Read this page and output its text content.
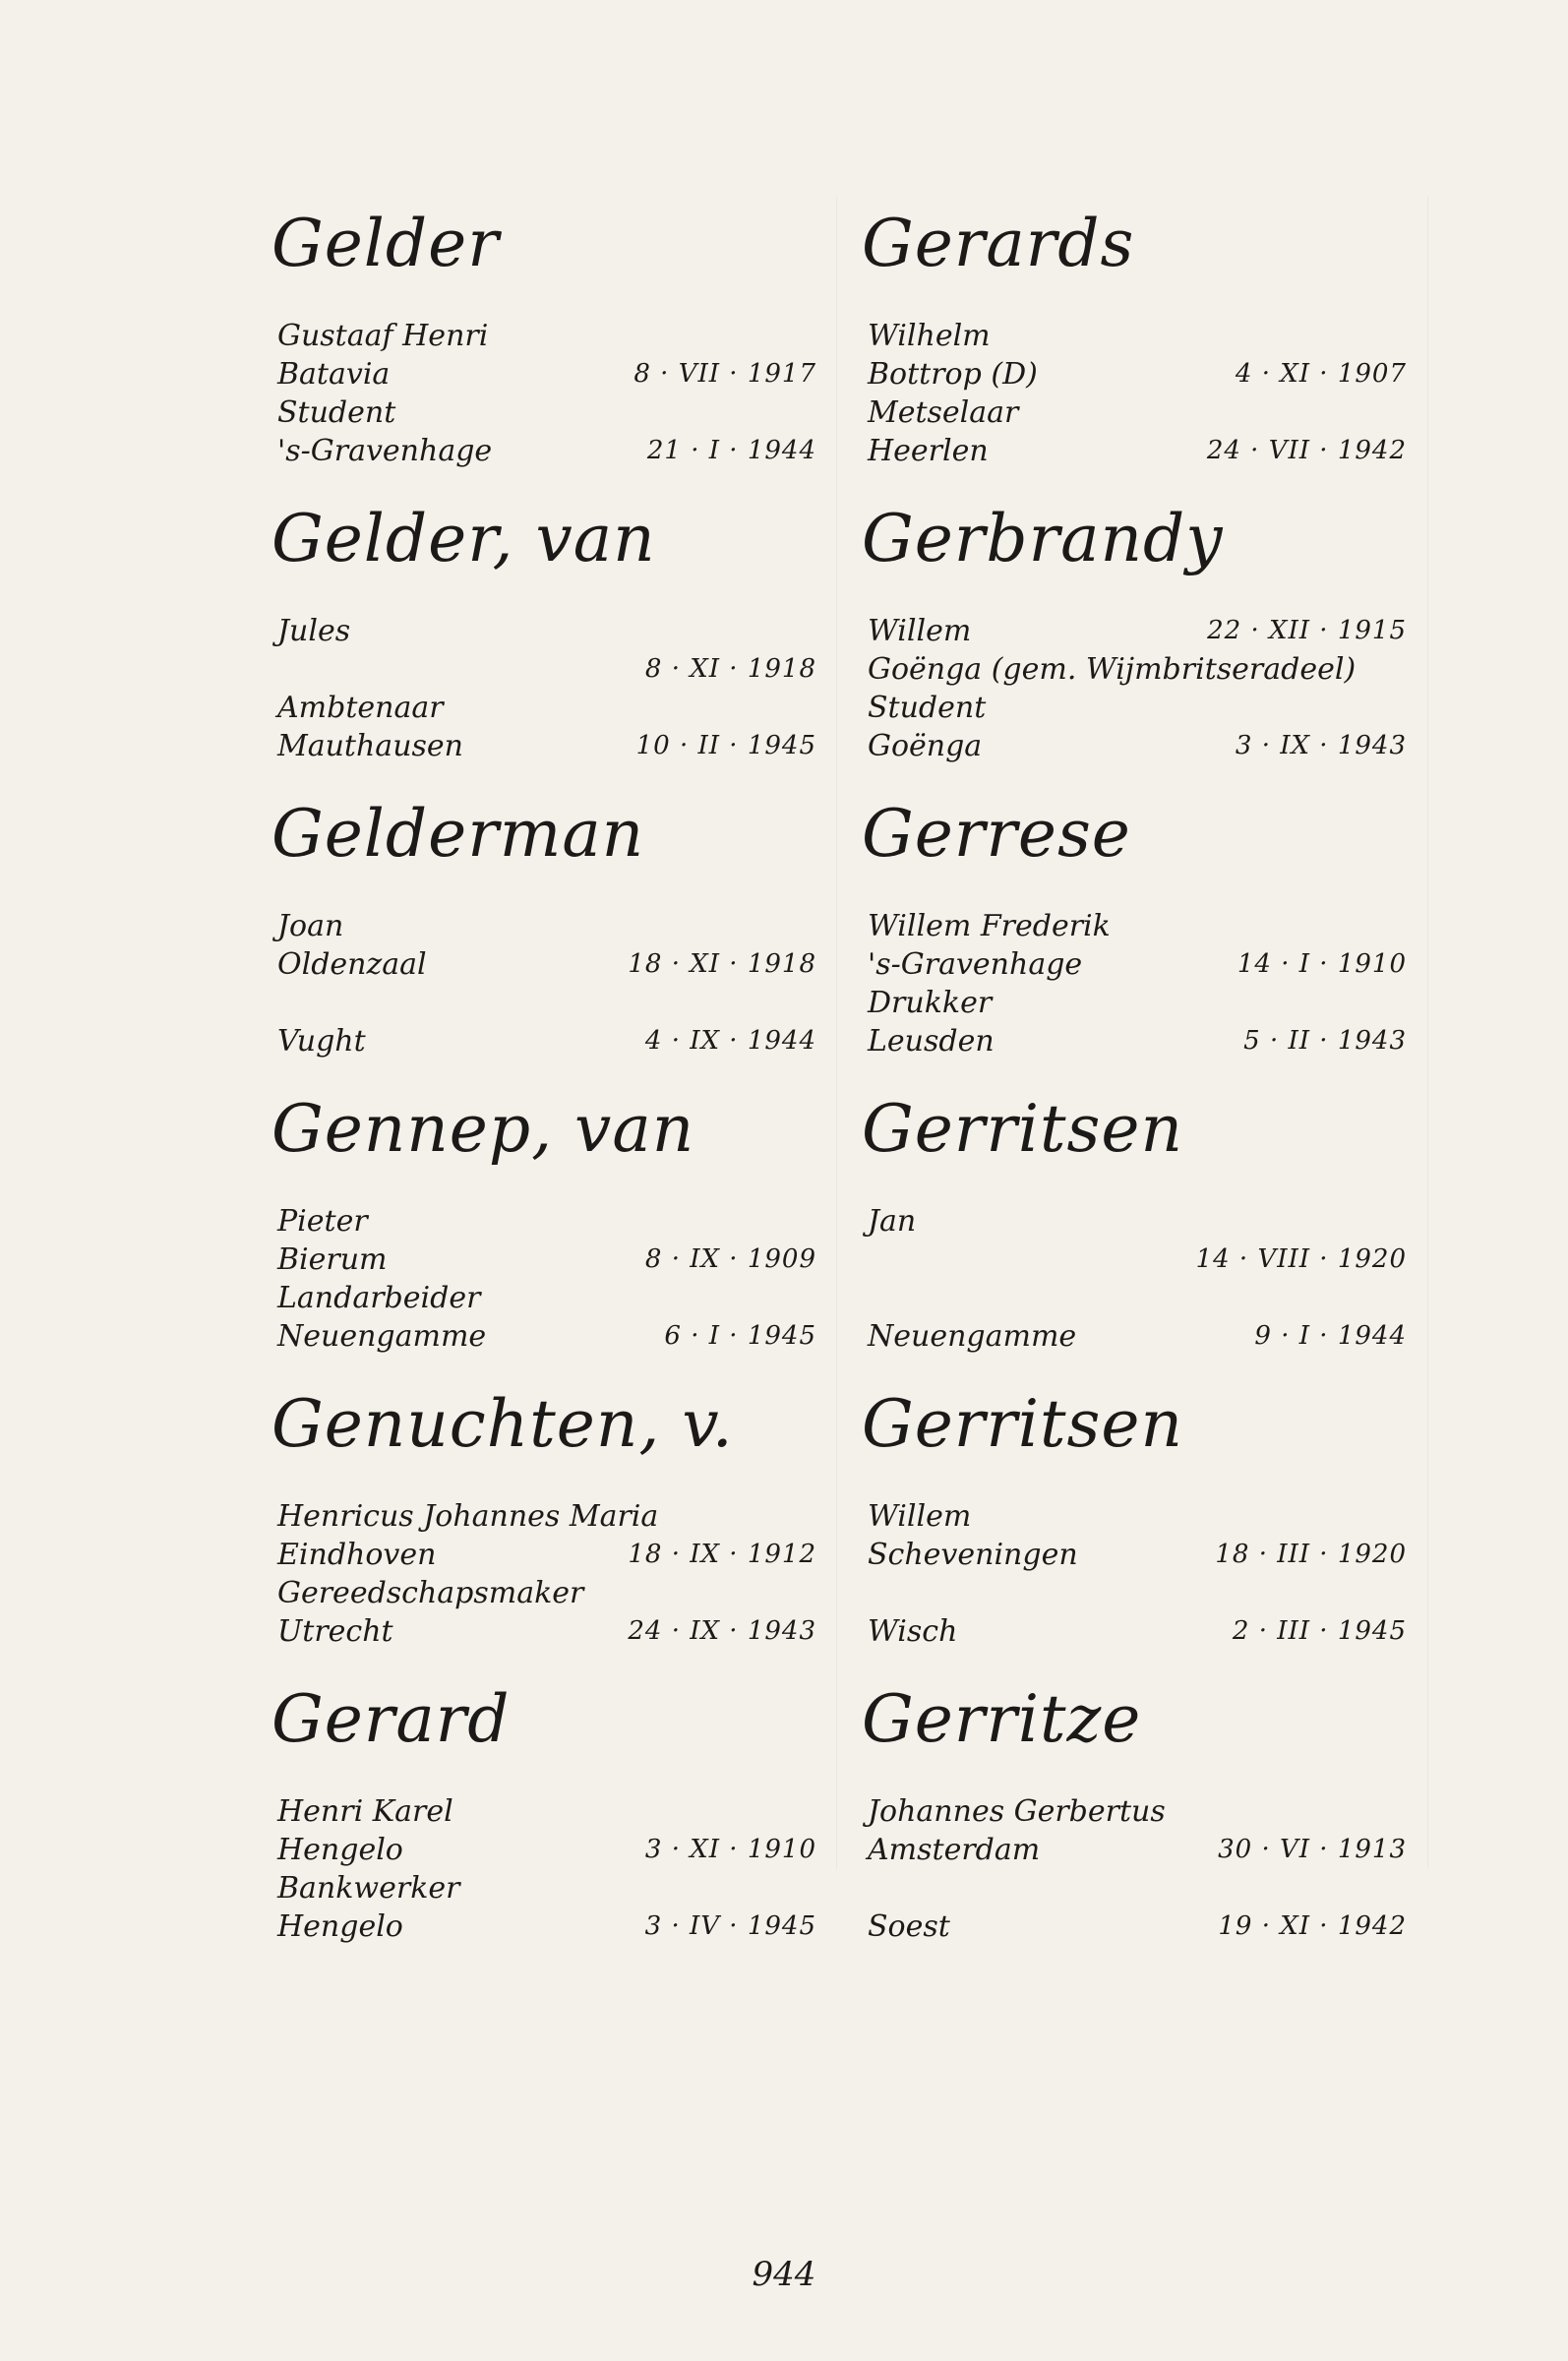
Gelder
Gustaaf Henri
Batavia	8 · VII · 1917
Student
's-Gravenhage	21 · I · 1944
Gelder, van
Jules
8 · XI · 1918
Ambtenaar
Mauthausen	10 · II · 1945
Gelderman
Joan
Oldenzaal	18 · XI · 1918
Vught	4 · IX · 1944
Gennep, van
Pieter
Bierum	8 · IX · 1909
Landarbeider
Neuengamme	6 · I · 1945
Genuchten, v.
Henricus Johannes Maria
Eindhoven	18 · IX · 1912
Gereedschapsmaker
Utrecht	24 · IX · 1943
Gerard
Henri Karel
Hengelo	3 · XI · 1910
Bankwerker
Hengelo	3 · IV · 1945
Gerards
Wilhelm
Bottrop (D)	4 · XI · 1907
Metselaar
Heerlen	24 · VII · 1942
Gerbrandy
Willem	22 · XII · 1915
Goënga (gem. Wijmbritseradeel)
Student
Goënga	3 · IX · 1943
Gerrese
Willem Frederik
's-Gravenhage	14 · I · 1910
Drukker
Leusden	5 · II · 1943
Gerritsen
Jan
14 · VIII · 1920
Neuengamme	9 · I · 1944
Gerritsen
Willem
Scheveningen	18 · III · 1920
Wisch	2 · III · 1945
Gerritze
Johannes Gerbertus
Amsterdam	30 · VI · 1913
Soest	19 · XI · 1942
944
